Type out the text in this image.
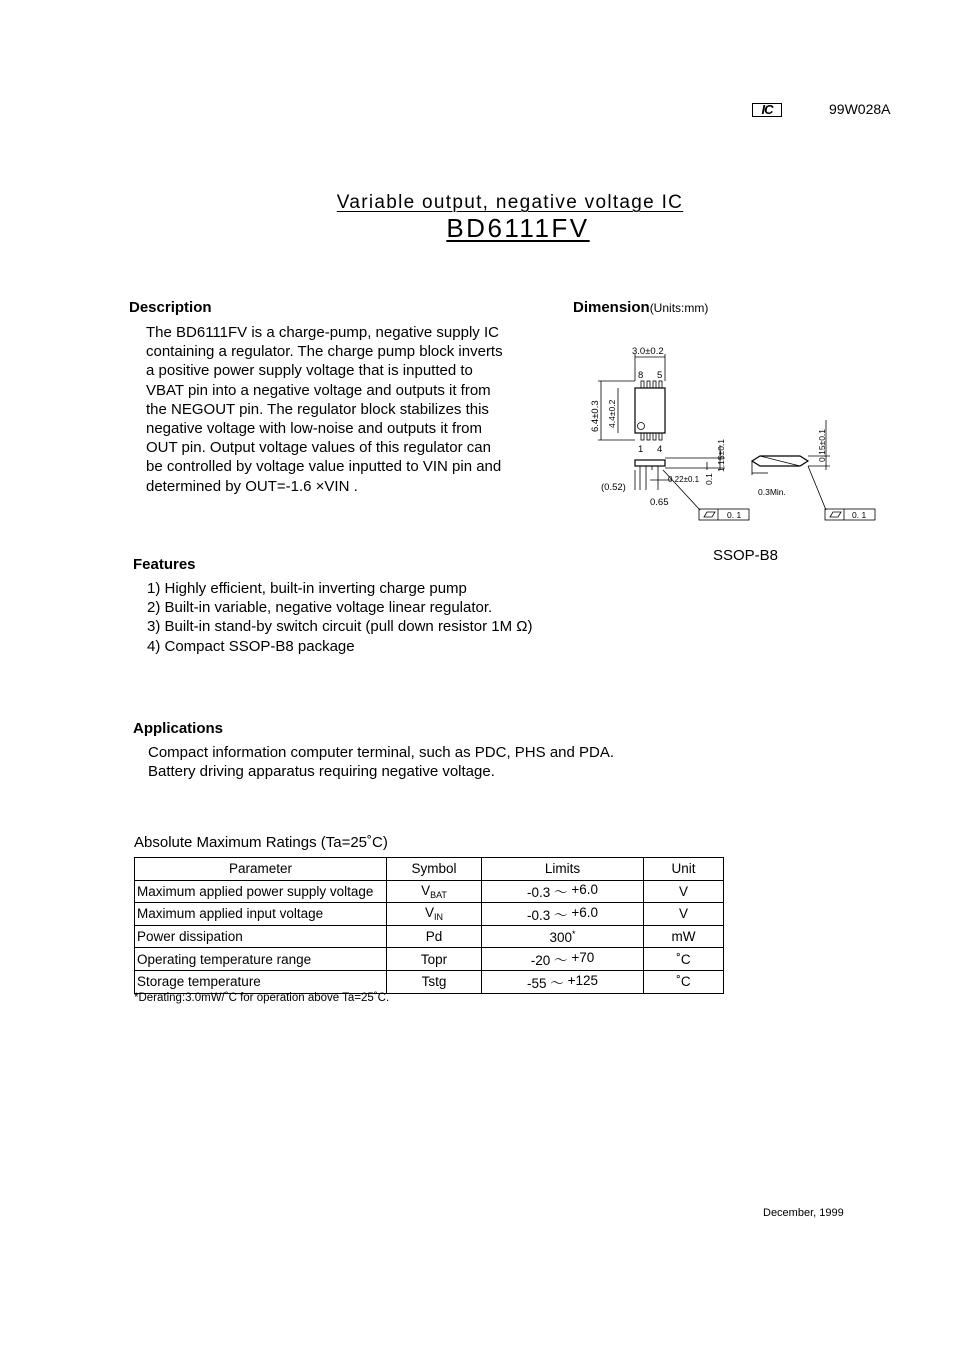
IC	99W028A
Variable output, negative voltage IC
BD6111FV
Description
The BD6111FV is a charge-pump, negative supply IC
containing a regulator. The charge pump block inverts
a positive power supply voltage that is inputted to
VBAT pin into a negative voltage and outputs it from
the NEGOUT pin. The regulator block stabilizes this
negative voltage with low-noise and outputs it from
OUT pin. Output voltage values of this regulator can
be controlled by voltage value inputted to VIN pin and
determined by OUT=-1.6 ×VIN .
Dimension(Units:mm)
3.0±0.2
8 5
1 4
6.4±0.3 4.4±0.2
1.15±0.1
0.1
0.22±0.1
0.65
(0.52)
0. 1
0.15±0.1
0.3Min.
0. 1
SSOP-B8
Features
1) Highly efficient, built-in inverting charge pump
2) Built-in variable, negative voltage linear regulator.
3) Built-in stand-by switch circuit (pull down resistor 1M Ω)
4) Compact SSOP-B8 package
Applications
Compact information computer terminal, such as PDC, PHS and PDA.
Battery driving apparatus requiring negative voltage.
Absolute Maximum Ratings (Ta=25˚C)
Parameter	Symbol	Limits	Unit
Maximum applied power supply voltage	$V_{BAT}$	-0.3 ～ +6.0	V
Maximum applied input voltage	$V_{IN}$	-0.3 ～ +6.0	V
Power dissipation	Pd	300*	mW
Operating temperature range	Topr	-20 ～ +70	˚C
Storage temperature	Tstg	-55 ～ +125	˚C
*Derating:3.0mW/˚C for operation above Ta=25˚C.
December, 1999
